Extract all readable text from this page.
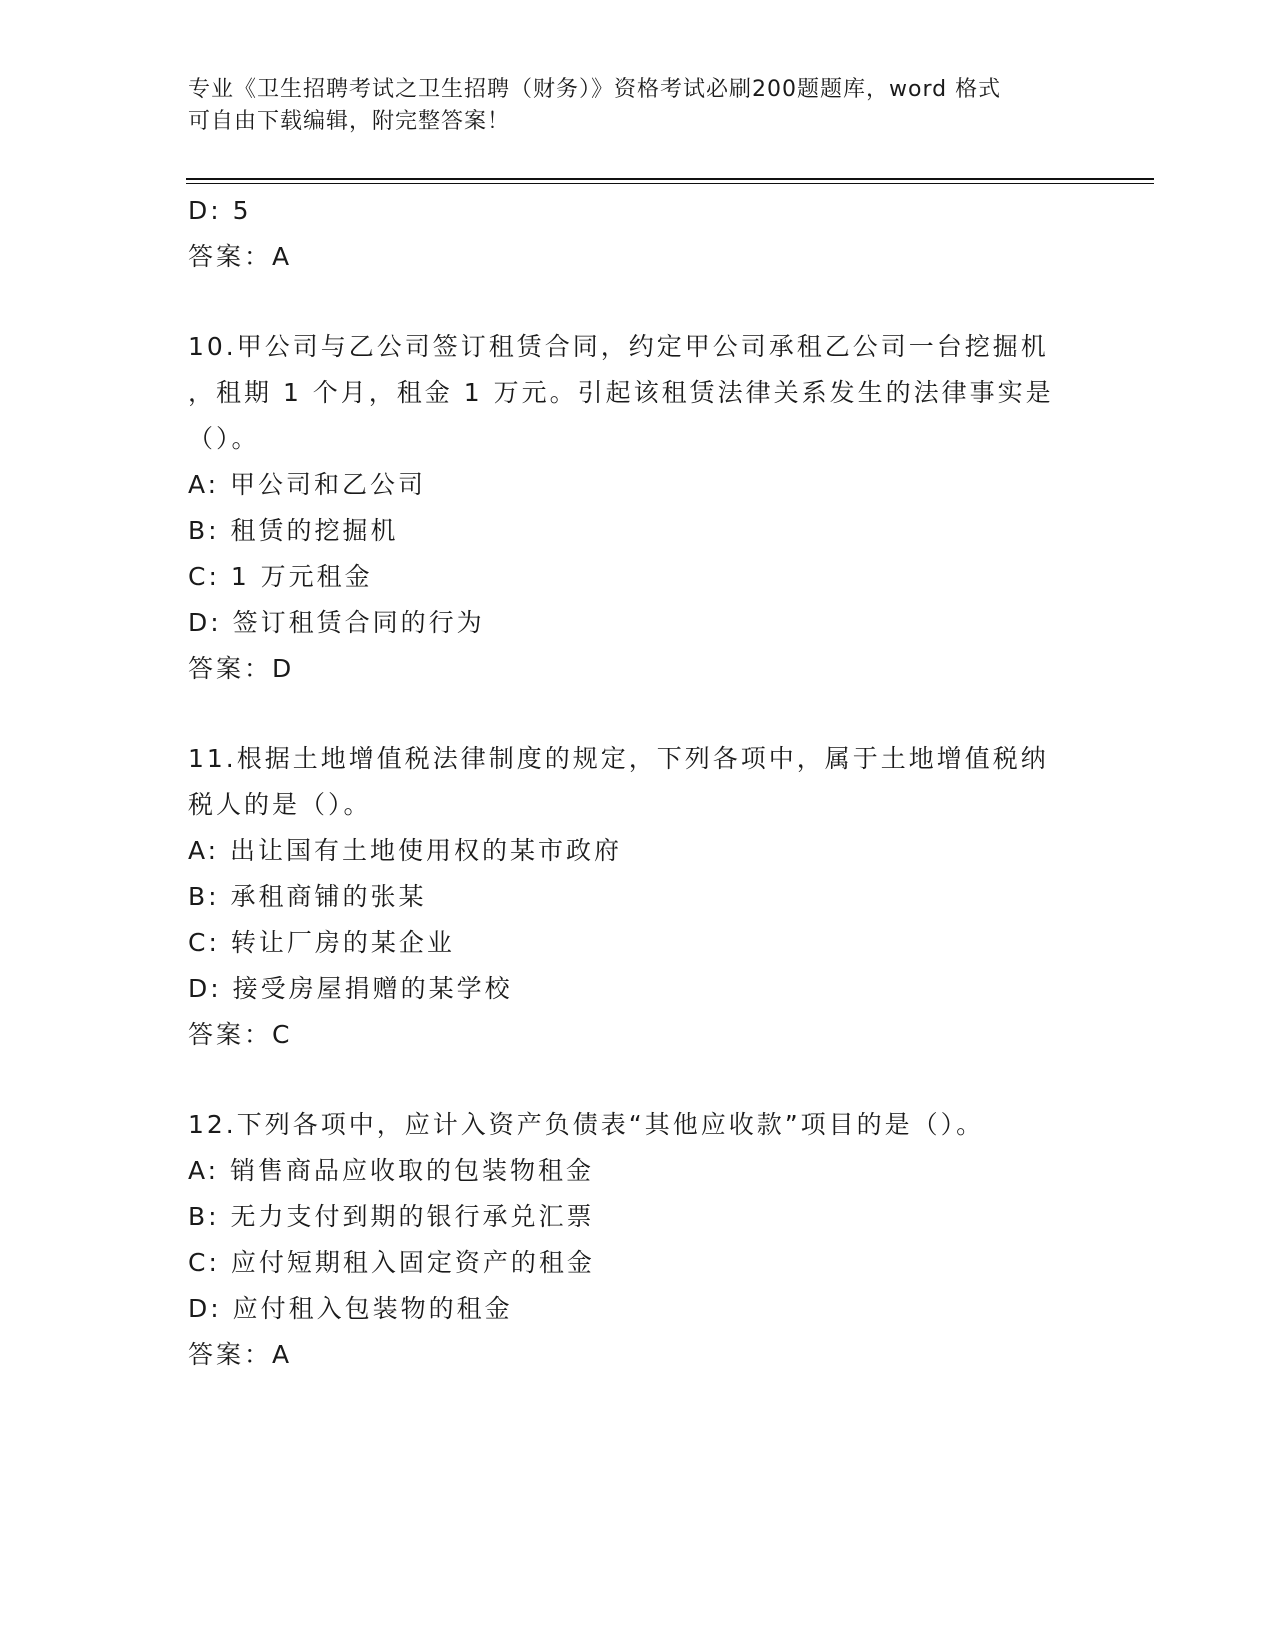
专业《卫生招聘考试之卫生招聘（财务）》资格考试必刷200题题库，word 格式
可自由下载编辑，附完整答案！
D: 5
答案：A
10.甲公司与乙公司签订租赁合同，约定甲公司承租乙公司一台挖掘机
，租期 1 个月，租金 1 万元。引起该租赁法律关系发生的法律事实是
（）。
A: 甲公司和乙公司
B: 租赁的挖掘机
C: 1 万元租金
D: 签订租赁合同的行为
答案：D
11.根据土地增值税法律制度的规定，下列各项中，属于土地增值税纳
税人的是（）。
A: 出让国有土地使用权的某市政府
B: 承租商铺的张某
C: 转让厂房的某企业
D: 接受房屋捐赠的某学校
答案：C
12.下列各项中，应计入资产负债表“其他应收款”项目的是（）。
A: 销售商品应收取的包装物租金
B: 无力支付到期的银行承兑汇票
C: 应付短期租入固定资产的租金
D: 应付租入包装物的租金
答案：A
